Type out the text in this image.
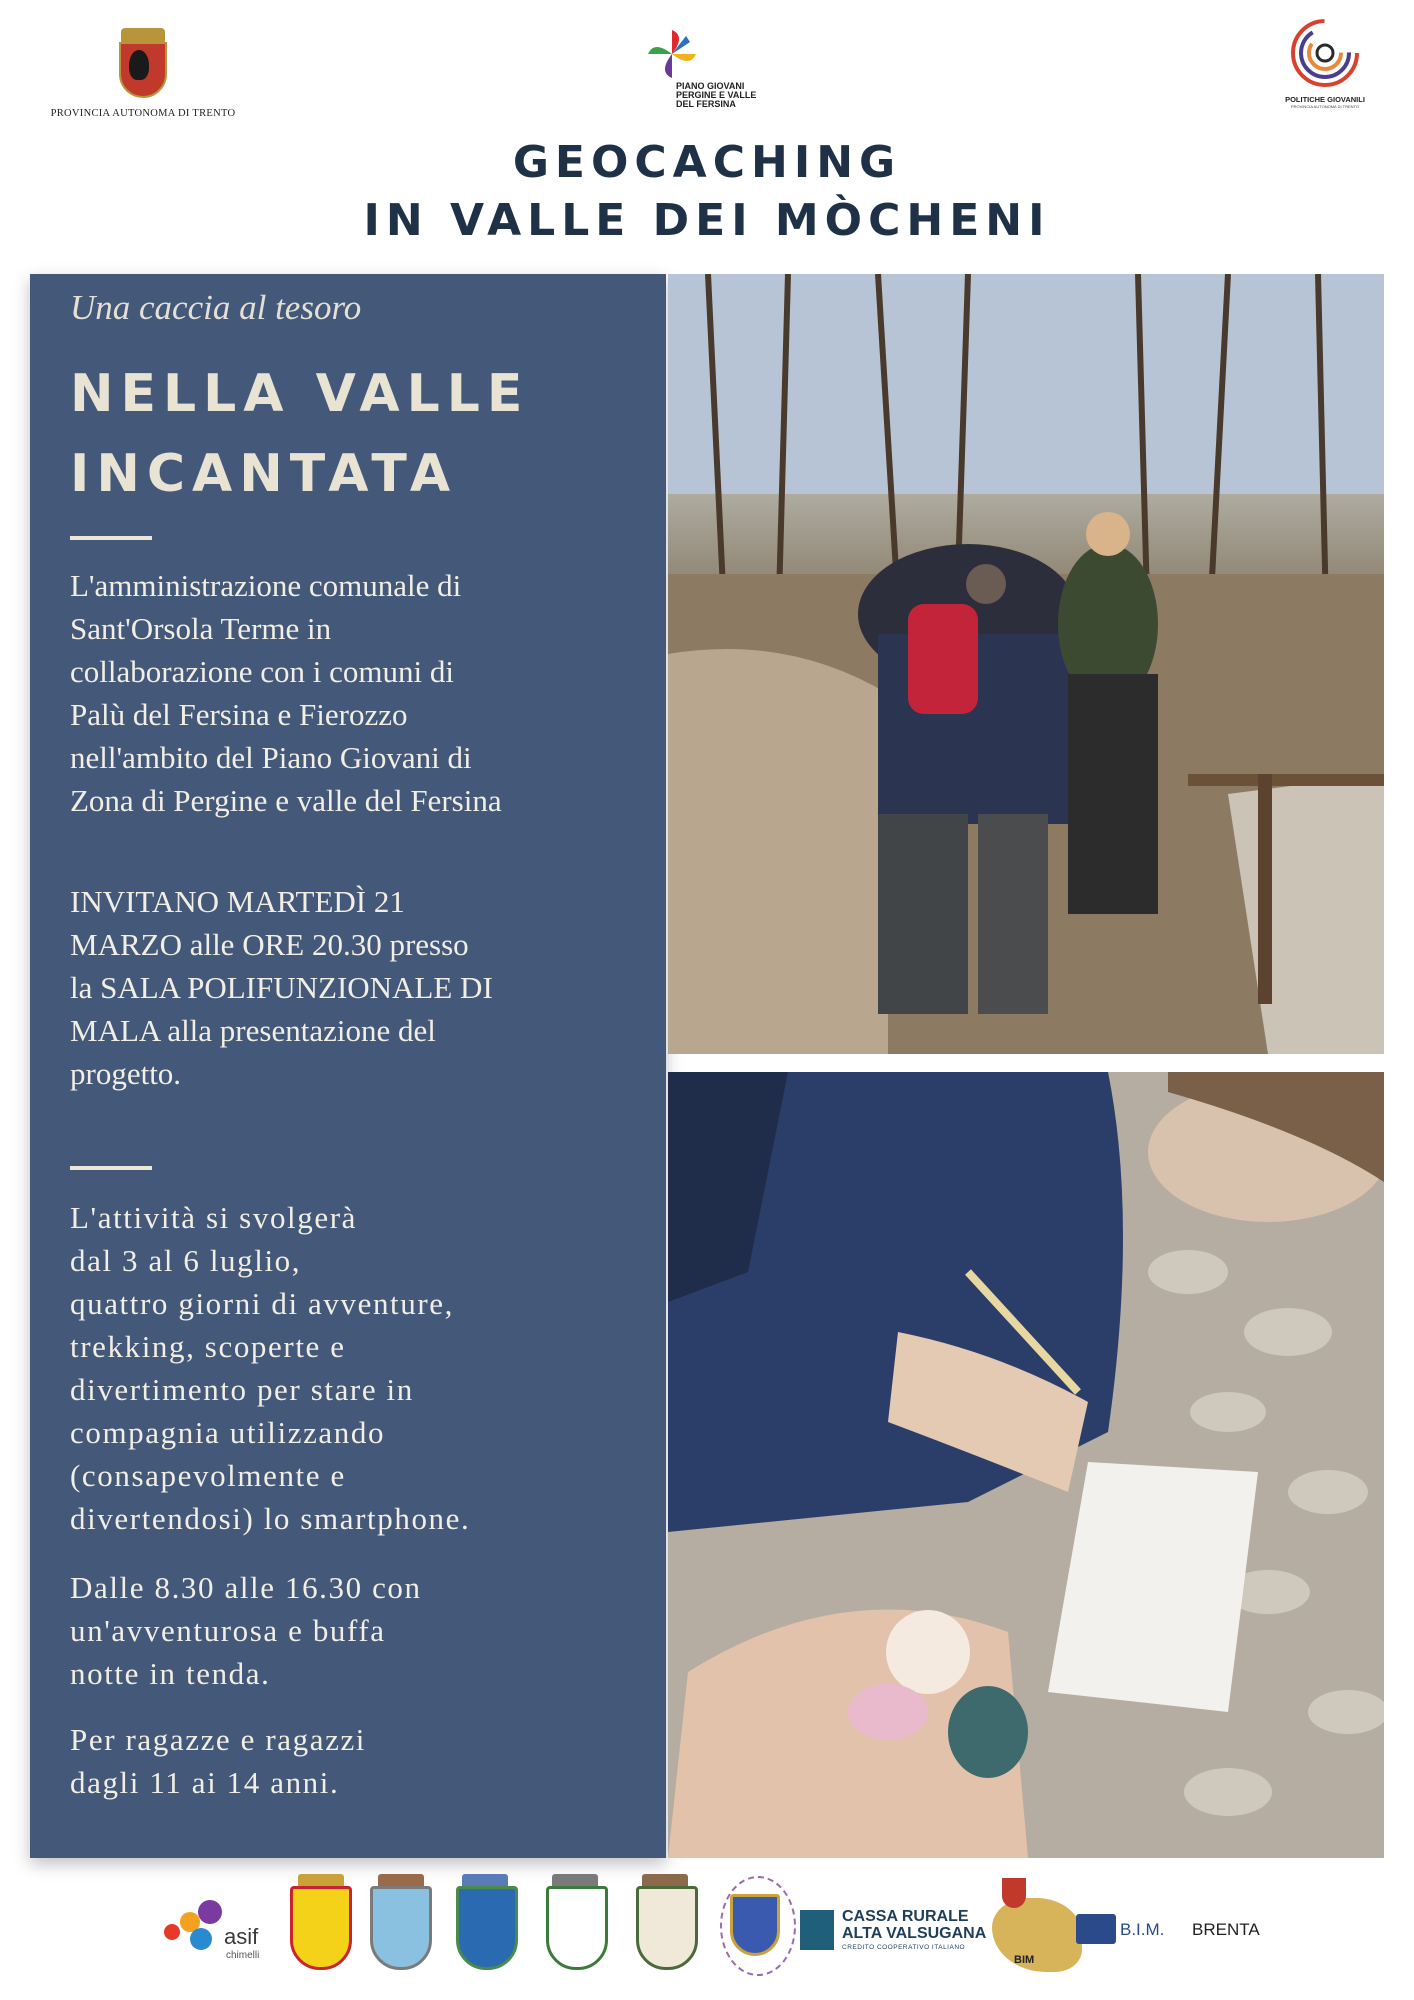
PROVINCIA AUTONOMA DI TRENTO
PIANO GIOVANI
PERGINE E VALLE
DEL FERSINA	POLITICHE GIOVANILI
PROVINCIA AUTONOMA DI TRENTO
GEOCACHING
IN VALLE DEI MÒCHENI
Una caccia al tesoro
NELLA VALLE
INCANTATA
L'amministrazione comunale di
Sant'Orsola Terme in
collaborazione con i comuni di
Palù del Fersina e Fierozzo
nell'ambito del Piano Giovani di
Zona di Pergine e valle del Fersina
INVITANO MARTEDÌ 21
MARZO alle ORE 20.30 presso
la SALA POLIFUNZIONALE DI
MALA alla presentazione del
progetto.
L'attività si svolgerà
dal 3 al 6 luglio,
quattro giorni di avventure,
trekking, scoperte e
divertimento per stare in
compagnia utilizzando
(consapevolmente e
divertendosi) lo smartphone.
Dalle 8.30 alle 16.30 con
un'avventurosa e buffa
notte in tenda.
Per ragazze e ragazzi
dagli 11 ai 14 anni.
asif
chimelli
CASSA RURALE
ALTA VALSUGANA
CREDITO COOPERATIVO ITALIANO
BIM
B.I.M. BRENTA
